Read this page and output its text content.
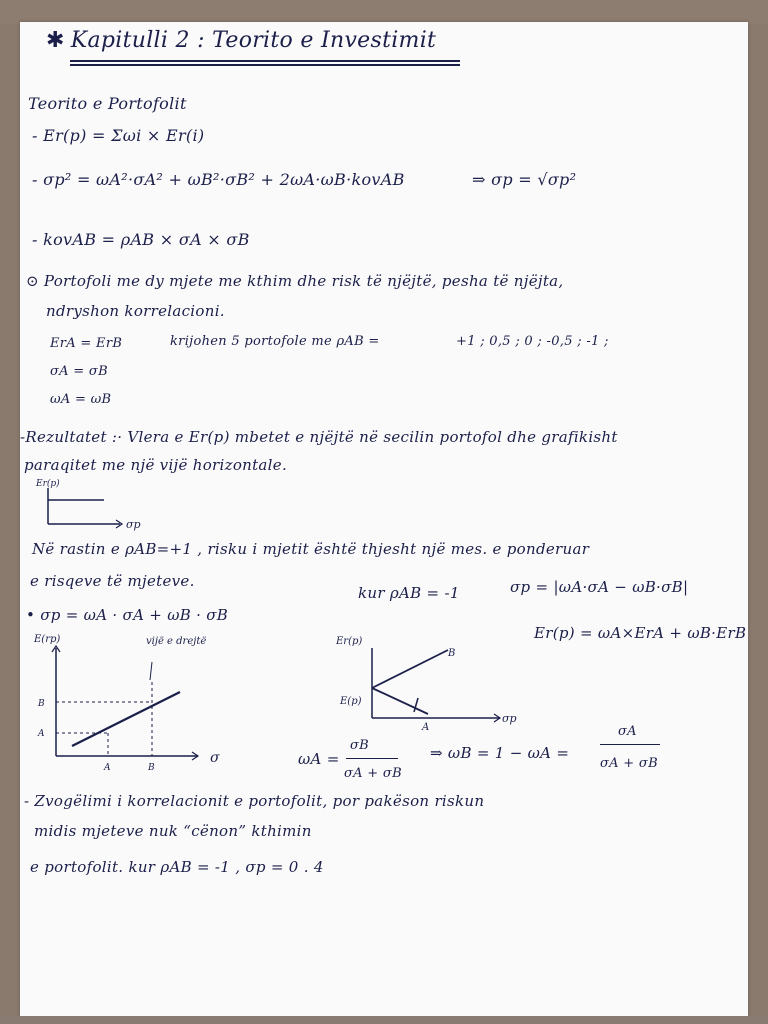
✱ Kapitulli 2 : Teorito e Investimit
Teorito e Portofolit
- Er(p) = Σωi × Er(i)
- σp² = ωA²·σA² + ωB²·σB² + 2ωA·ωB·kovAB	⇒ σp = √σp²
- kovAB = ρAB × σA × σB
⊙ Portofoli me dy mjete me kthim dhe risk të njëjtë, pesha të njëjta,
ndryshon korrelacioni.
ErA = ErB	krijohen 5 portofole me ρAB =	+1 ; 0,5 ; 0 ; -0,5 ; -1 ;
σA = σB
ωA = ωB
-Rezultatet :· Vlera e Er(p) mbetet e njëjtë në secilin portofol dhe grafikisht
paraqitet me një vijë horizontale.
Er(p)
σp
Në rastin e ρAB=+1 , risku i mjetit është thjesht një mes. e ponderuar
e risqeve të mjeteve.
• σp = ωA · σA + ωB · σB
E(rp)	vijë e drejtë
σ
B
A
A	B
kur ρAB = -1	σp = |ωA·σA − ωB·σB|
Er(p) = ωA×ErA + ωB·ErB
Er(p)
σp
B
A
E(p)
ωA =
σB
σA + σB
⇒ ωB = 1 − ωA =
σA
σA + σB
- Zvogëlimi i korrelacionit e portofolit, por pakëson riskun
midis mjeteve nuk “cënon” kthimin
e portofolit. kur ρAB = -1 , σp = 0 . 4
